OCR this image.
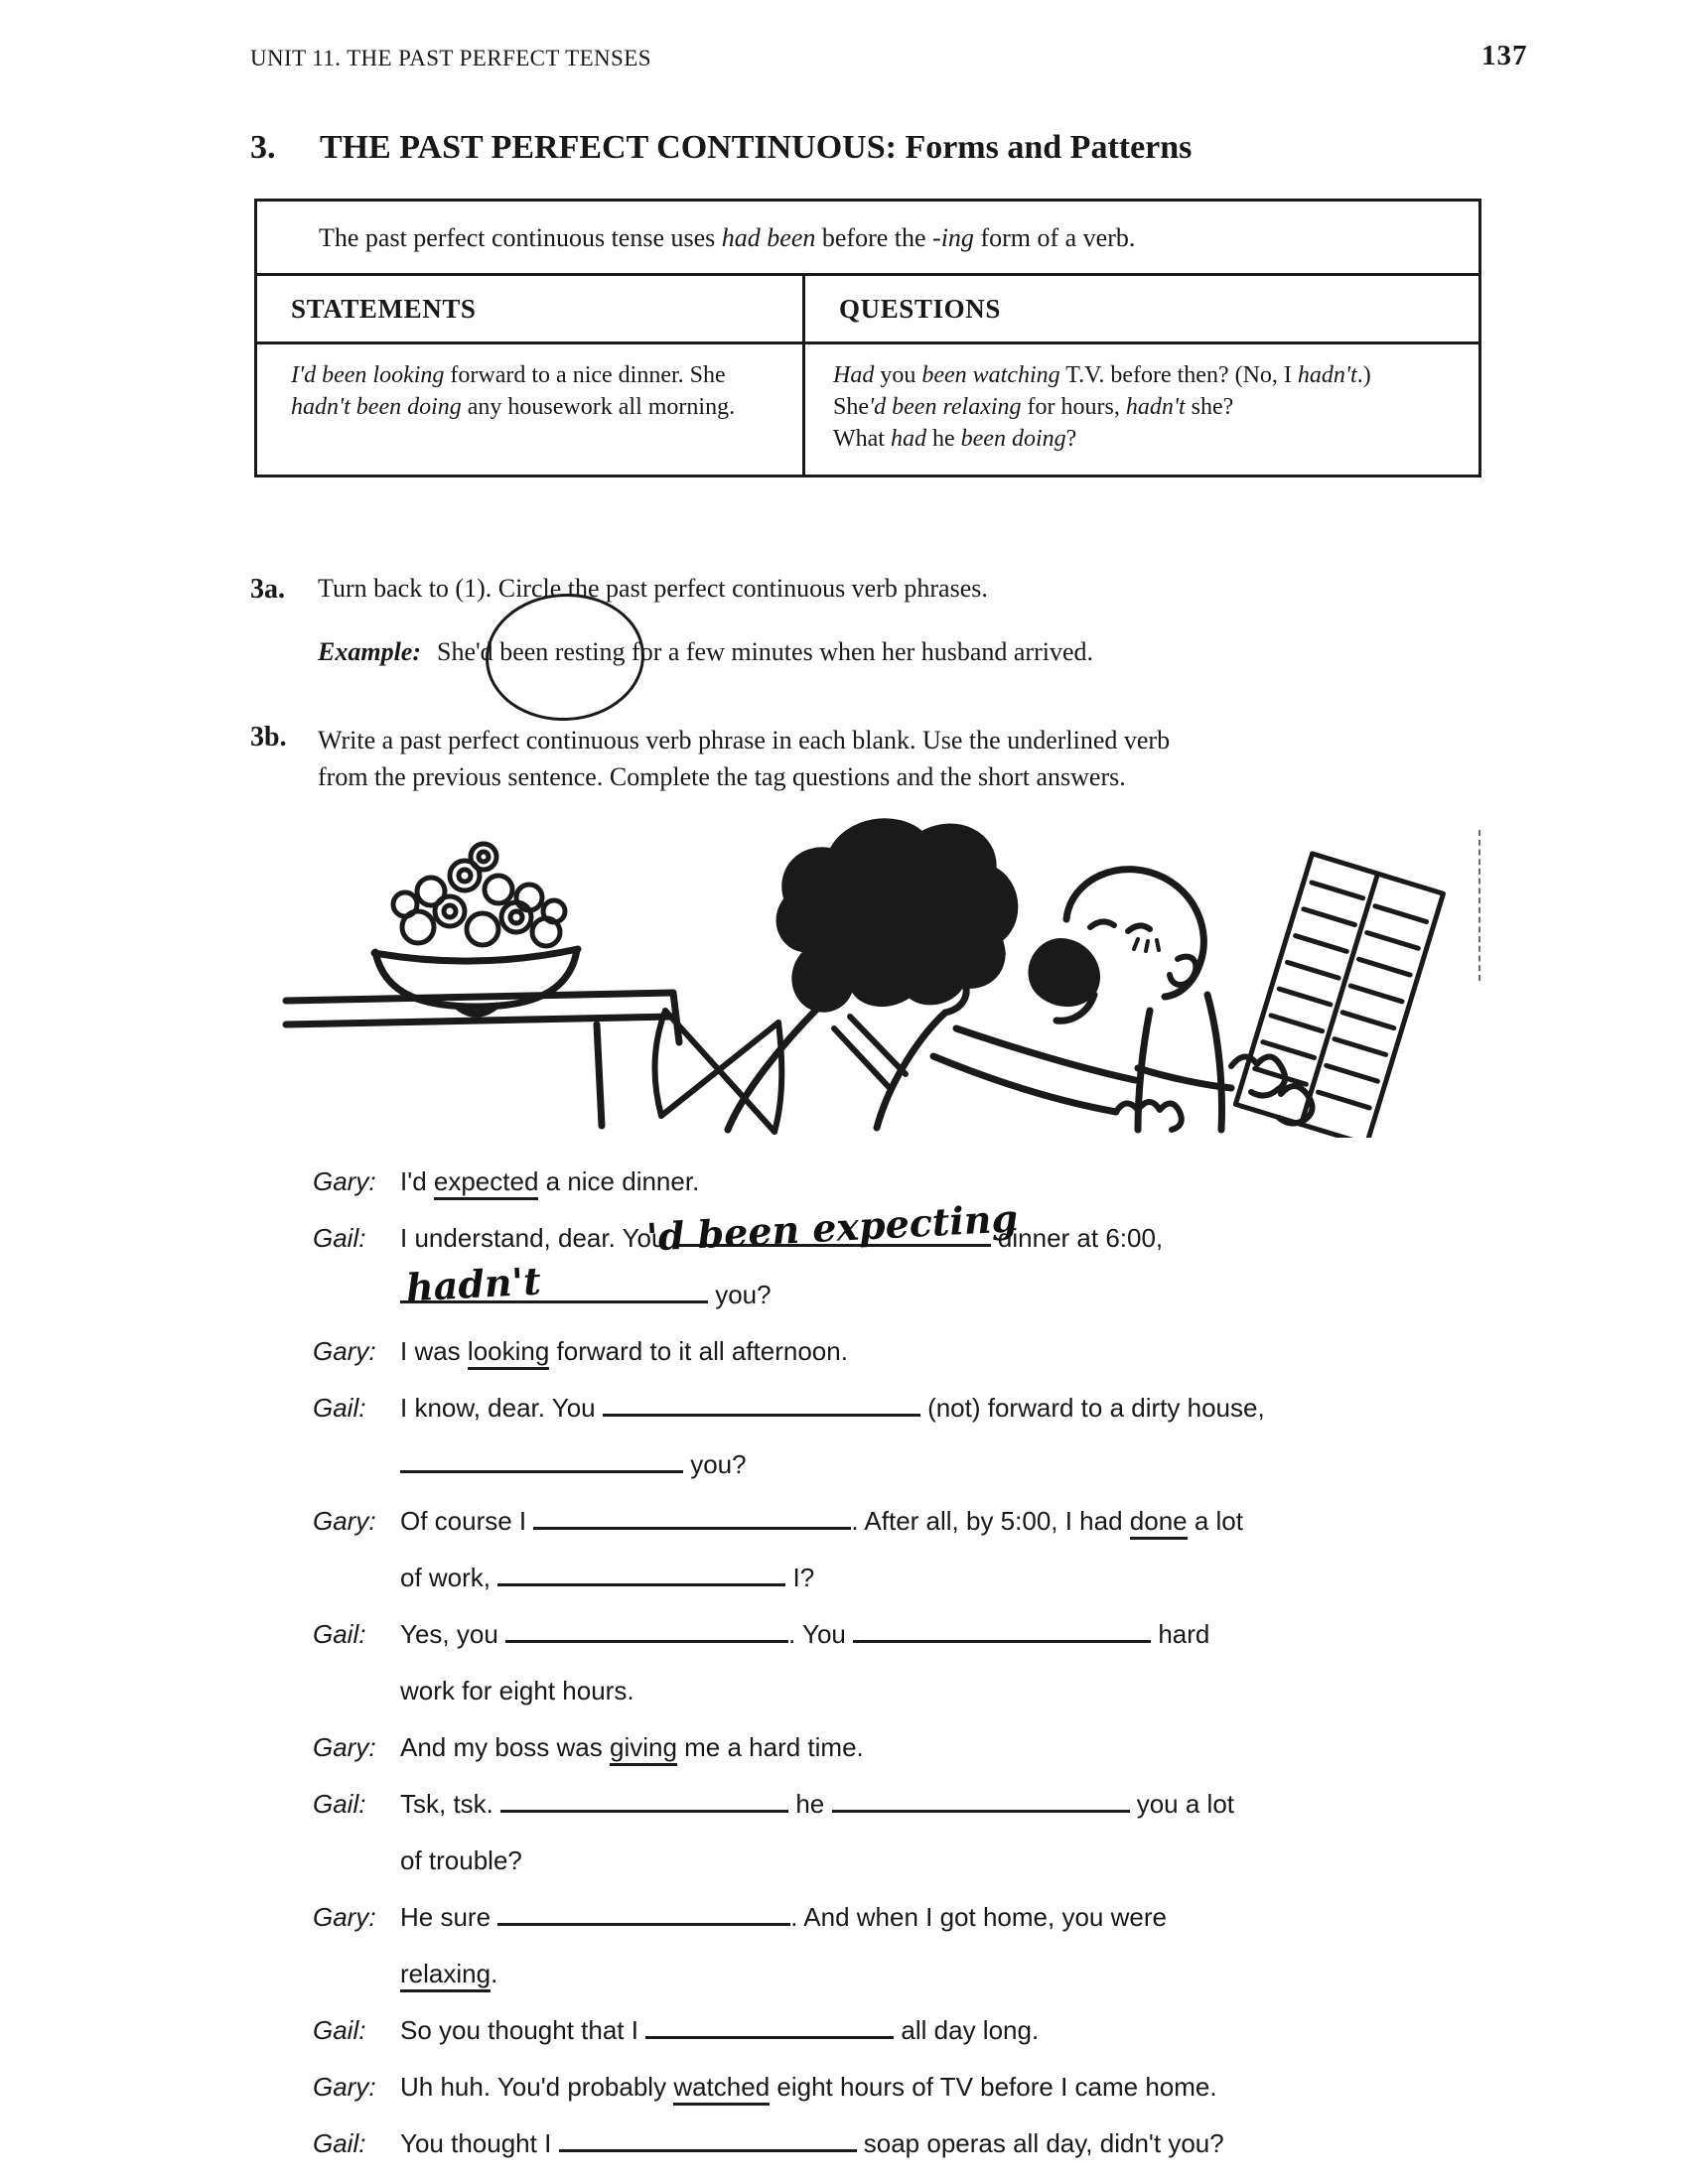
UNIT 11. THE PAST PERFECT TENSES	137
3. THE PAST PERFECT CONTINUOUS: Forms and Patterns
The past perfect continuous tense uses had been before the -ing form of a verb.
STATEMENTS	QUESTIONS
I'd been looking forward to a nice dinner. She hadn't been doing any housework all morning.
Had you been watching T.V. before then? (No, I hadn't.)
She'd been relaxing for hours, hadn't she?
What had he been doing?
3a.	Turn back to (1). Circle the past perfect continuous verb phrases.
Example: She'd been resting for a few minutes when her husband arrived.
3b.	Write a past perfect continuous verb phrase in each blank. Use the underlined verb
from the previous sentence. Complete the tag questions and the short answers.
Gary: I'd expected a nice dinner.
Gail: I understand, dear. You
'd been expecting
dinner at 6:00,
hadn't	you?
Gary: I was looking forward to it all afternoon.
Gail: I know, dear. You	(not) forward to a dirty house,
you?
Gary: Of course I	. After all, by 5:00, I had done a lot
of work,	I?
Gail: Yes, you	. You	hard
work for eight hours.
Gary: And my boss was giving me a hard time.
Gail: Tsk, tsk.	he	you a lot
of trouble?
Gary: He sure	. And when I got home, you were
relaxing.
Gail: So you thought that I	all day long.
Gary: Uh huh. You'd probably watched eight hours of TV before I came home.
Gail: You thought I	soap operas all day, didn't you?
